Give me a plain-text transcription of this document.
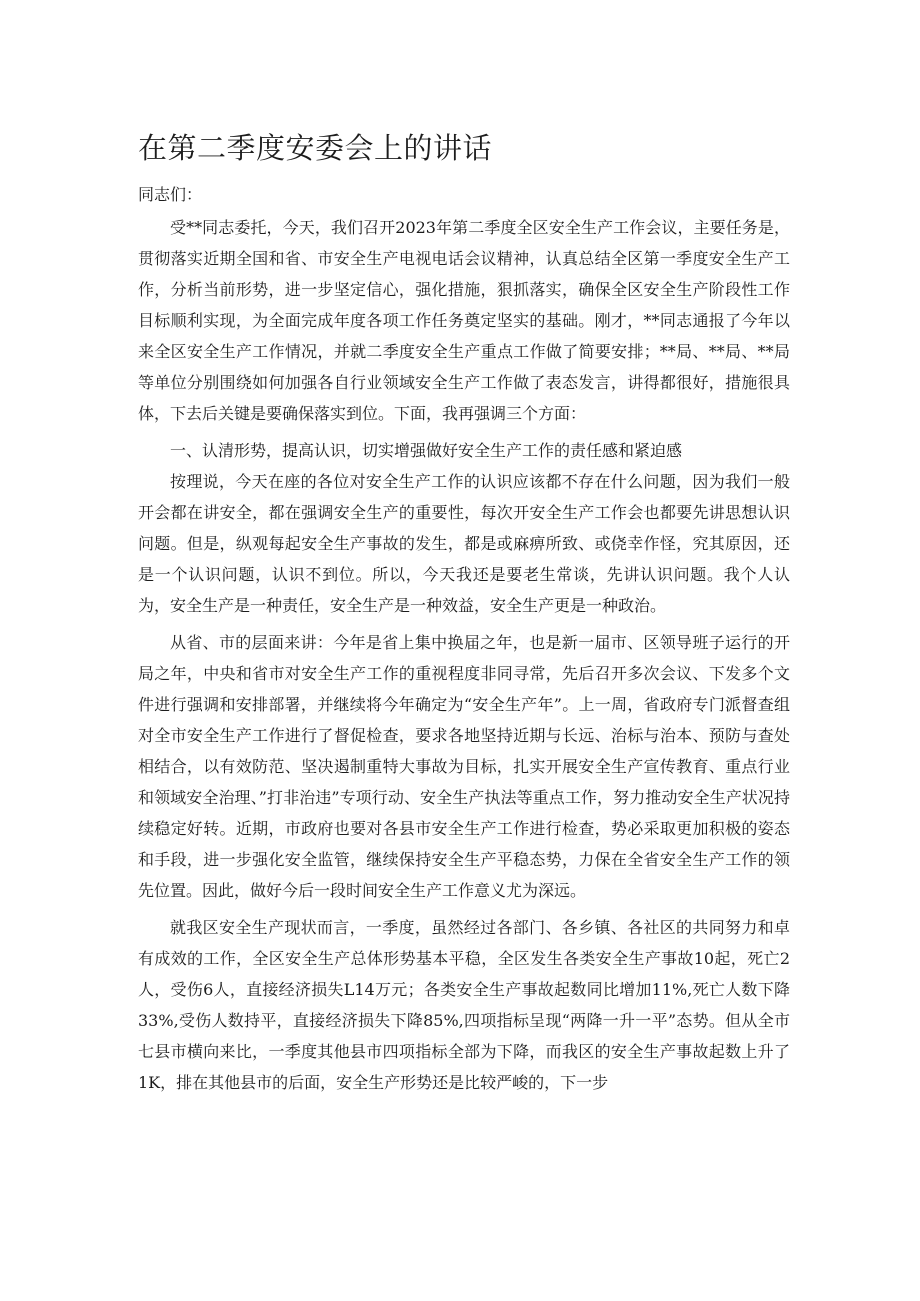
在第二季度安委会上的讲话

同志们：

受**同志委托，今天，我们召开2023年第二季度全区安全生产工作会议，主要任务是，贯彻落实近期全国和省、市安全生产电视电话会议精神，认真总结全区第一季度安全生产工作，分析当前形势，进一步坚定信心，强化措施，狠抓落实，确保全区安全生产阶段性工作目标顺利实现，为全面完成年度各项工作任务奠定坚实的基础。刚才，**同志通报了今年以来全区安全生产工作情况，并就二季度安全生产重点工作做了简要安排；**局、**局、**局等单位分别围绕如何加强各自行业领域安全生产工作做了表态发言，讲得都很好，措施很具体，下去后关键是要确保落实到位。下面，我再强调三个方面：

一、认清形势，提高认识，切实增强做好安全生产工作的责任感和紧迫感

按理说，今天在座的各位对安全生产工作的认识应该都不存在什么问题，因为我们一般开会都在讲安全，都在强调安全生产的重要性，每次开安全生产工作会也都要先讲思想认识问题。但是，纵观每起安全生产事故的发生，都是或麻痹所致、或侥幸作怪，究其原因，还是一个认识问题，认识不到位。所以，今天我还是要老生常谈，先讲认识问题。我个人认为，安全生产是一种责任，安全生产是一种效益，安全生产更是一种政治。

从省、市的层面来讲：今年是省上集中换届之年，也是新一届市、区领导班子运行的开局之年，中央和省市对安全生产工作的重视程度非同寻常，先后召开多次会议、下发多个文件进行强调和安排部署，并继续将今年确定为“安全生产年”。上一周，省政府专门派督查组对全市安全生产工作进行了督促检查，要求各地坚持近期与长远、治标与治本、预防与查处相结合，以有效防范、坚决遏制重特大事故为目标，扎实开展安全生产宣传教育、重点行业和领域安全治理、”打非治违”专项行动、安全生产执法等重点工作，努力推动安全生产状况持续稳定好转。近期，市政府也要对各县市安全生产工作进行检查，势必采取更加积极的姿态和手段，进一步强化安全监管，继续保持安全生产平稳态势，力保在全省安全生产工作的领先位置。因此，做好今后一段时间安全生产工作意义尤为深远。

就我区安全生产现状而言，一季度，虽然经过各部门、各乡镇、各社区的共同努力和卓有成效的工作，全区安全生产总体形势基本平稳，全区发生各类安全生产事故10起，死亡2人，受伤6人，直接经济损失L14万元；各类安全生产事故起数同比增加11%,死亡人数下降33%,受伤人数持平，直接经济损失下降85%,四项指标呈现“两降一升一平”态势。但从全市七县市横向来比，一季度其他县市四项指标全部为下降，而我区的安全生产事故起数上升了1K，排在其他县市的后面，安全生产形势还是比较严峻的，下一步
